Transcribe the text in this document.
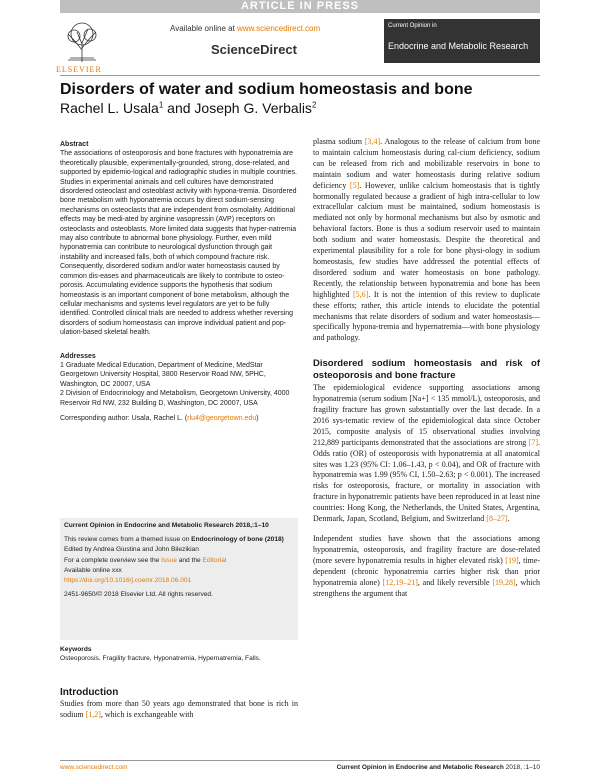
ARTICLE IN PRESS
ELSEVIER
Available online at www.sciencedirect.com
ScienceDirect
Current Opinion in
Endocrine and Metabolic Research
Disorders of water and sodium homeostasis and bone
Rachel L. Usala$^1$ and Joseph G. Verbalis$^2$
Abstract

The associations of osteoporosis and bone fractures with hyponatremia are theoretically plausible, experimentally-grounded, strong, dose-related, and supported by epidemio-logical and radiographic studies in multiple countries. Studies in experimental animals and cell cultures have demonstrated disordered osteoclast and osteoblast activity with hypona-tremia. Disordered bone metabolism with hyponatremia occurs by direct sodium-sensing mechanisms on osteoclasts that are independent from osmolality. Additional effects may be medi-ated by arginine vasopressin (AVP) receptors on osteoclasts and osteoblasts. More limited data suggests that hyper-natremia may also contribute to abnormal bone physiology. Further, even mild hyponatremia can contribute to neurological dysfunction through gait instability and increased falls, both of which compound fracture risk. Consequently, disordered sodium and/or water homeostasis caused by common dis-eases and pharmaceuticals are likely to contribute to osteo-porosis. Accumulating evidence supports the hypothesis that sodium homeostasis is an important component of bone metabolism, although the cellular mechanisms and systems level regulators are yet to be fully identified. Controlled clinical trials are needed to address whether reversing disorders of sodium homeostasis can improve individual patient and pop-ulation-based skeletal health.

Addresses

1 Graduate Medical Education, Department of Medicine, MedStar Georgetown University Hospital, 3800 Reservoir Road NW, 5PHC, Washington, DC 20007, USA

2 Division of Endocrinology and Metabolism, Georgetown University, 4000 Reservoir Rd NW, 232 Building D, Washington, DC 20007, USA

Corresponding author: Usala, Rachel L. (rlu4@georgetown.edu)

Current Opinion in Endocrine and Metabolic Research 2018,:1–10
This review comes from a themed issue on Endocrinology of bone (2018)
Edited by Andrea Giustina and John Bilezikian
For a complete overview see the Issue and the Editorial
Available online xxx
https://doi.org/10.1016/j.coemr.2018.06.001
2451-9650/© 2018 Elsevier Ltd. All rights reserved.
Keywords
Osteoporosis, Fragility fracture, Hyponatremia, Hypernatremia, Falls.
Introduction

Studies from more than 50 years ago demonstrated that bone is rich in sodium [1,2], which is exchangeable with

plasma sodium [3,4]. Analogous to the release of calcium from bone to maintain calcium homeostasis during cal-cium deficiency, sodium can be released from rich and mobilizable reservoirs in bone to maintain sodium and water homeostasis during relative sodium deficiency [5]. However, unlike calcium homeostasis that is tightly hormonally regulated because a gradient of high intra-cellular to low extracellular calcium must be maintained, sodium homeostasis is mediated not only by hormonal mechanisms but also by osmotic and behavioral factors. Bone is thus a sodium reservoir used to maintain both sodium and water homeostasis. Despite the theoretical and experimental plausibility for a role for bone physi-ology in sodium homeostasis, few studies have addressed the potential effects of disordered sodium and water homeostasis on bone pathology. Recently, the relationship between hyponatremia and bone has been highlighted [5,6]. It is not the intention of this review to duplicate these efforts; rather, this article intends to elucidate the potential mechanisms that relate disorders of sodium and water homeostasis—specifically hypona-tremia and hypernatremia—with bone physiology and pathology.

Disordered sodium homeostasis and risk of osteoporosis and bone fracture

The epidemiological evidence supporting associations among hyponatremia (serum sodium [Na+] < 135 mmol/L), osteoporosis, and fragility fracture has grown substantially over the last decade. In a 2016 sys-tematic review of the epidemiological data since October 2015, composite analysis of 15 observational studies involving 212,889 participants demonstrated that the associations are strong [7]. Odds ratio (OR) of osteoporosis with hyponatremia at all anatomical sites was 1.23 (95% CI: 1.06–1.43, p < 0.04), and OR of fracture with hyponatremia was 1.99 (95% CI, 1.50–2.63; p < 0.001). The increased risks for osteoporosis, fracture, or mortality in association with fracture in hyponatremic patients have been reproduced in at least nine countries: Hong Kong, the Netherlands, the United States, Argentina, Denmark, Japan, Scotland, Belgium, and Switzerland [8–27].

Independent studies have shown that the associations among hyponatremia, osteoporosis, and fragility fracture are dose-related (more severe hyponatremia results in higher elevated risk) [19], time-dependent (chronic hyponatremia carries higher risk than prior hyponatremia alone) [12,19–21], and likely reversible [19,28], which strengthens the argument that

www.sciencedirect.com	Current Opinion in Endocrine and Metabolic Research 2018, :1–10
